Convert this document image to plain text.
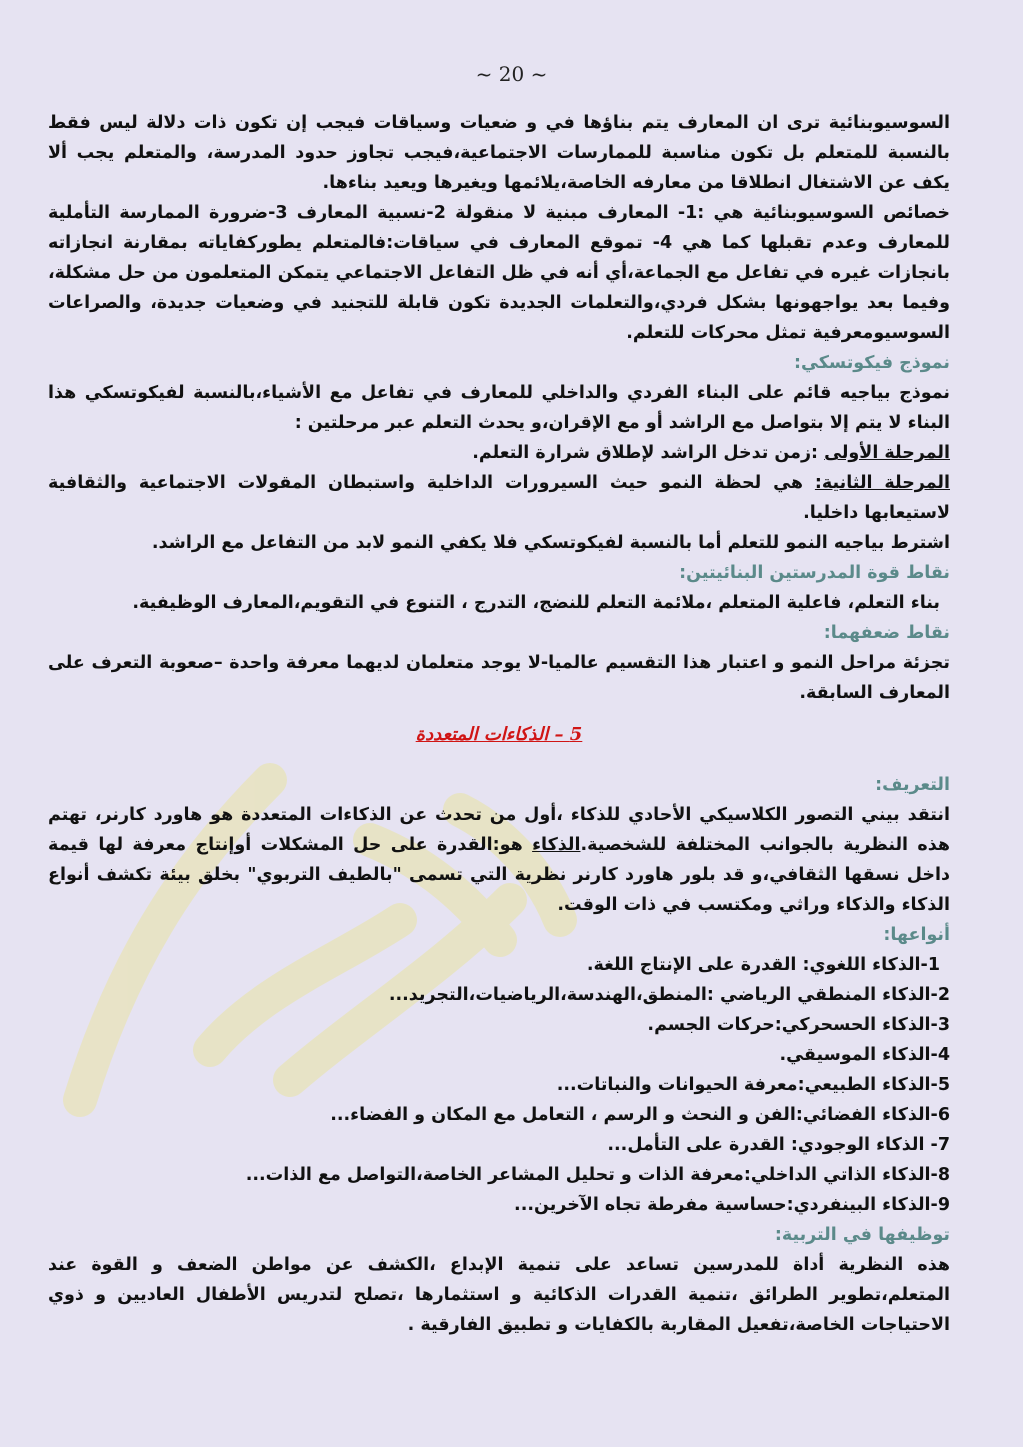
~ 20 ~

السوسيوبنائية ترى ان المعارف يتم بناؤها في و ضعيات وسياقات فيجب إن تكون ذات دلالة ليس فقط بالنسبة للمتعلم بل تكون مناسبة للممارسات الاجتماعية،فيجب تجاوز حدود المدرسة، والمتعلم يجب ألا يكف عن الاشتغال انطلاقا من معارفه الخاصة،يلائمها ويغيرها ويعيد بناءها.

خصائص السوسيوبنائية هي :1- المعارف مبنية لا منقولة 2-نسبية المعارف 3-ضرورة الممارسة التأملية للمعارف وعدم تقبلها كما هي 4- تموقع المعارف في سياقات:فالمتعلم يطوركفاياته بمقارنة انجازاته بانجازات غيره في تفاعل مع الجماعة،أي أنه في ظل التفاعل الاجتماعي يتمكن المتعلمون من حل مشكلة، وفيما بعد يواجهونها بشكل فردي،والتعلمات الجديدة تكون قابلة للتجنيد في وضعيات جديدة، والصراعات السوسيومعرفية تمثل محركات للتعلم.

نموذج فيكوتسكي:

نموذج بياجيه قائم على البناء الفردي والداخلي للمعارف في تفاعل مع الأشياء،بالنسبة لفيكوتسكي هذا البناء لا يتم إلا بتواصل مع الراشد أو مع الإقران،و يحدث التعلم عبر مرحلتين :

المرحلة الأولى :زمن تدخل الراشد لإطلاق شرارة التعلم.

المرحلة الثانية: هي لحظة النمو حيث السيرورات الداخلية واستبطان المقولات الاجتماعية والثقافية لاستيعابها داخليا.

اشترط بياجيه النمو للتعلم أما بالنسبة لفيكوتسكي فلا يكفي النمو لابد من التفاعل مع الراشد.

نقاط قوة المدرستين البنائيتين:

بناء التعلم، فاعلية المتعلم ،ملائمة التعلم للنضج، التدرج ، التنوع في التقويم،المعارف الوظيفية.

نقاط ضعفهما:

تجزئة مراحل النمو و اعتبار هذا التقسيم عالميا-لا يوجد متعلمان لديهما معرفة واحدة –صعوبة التعرف على المعارف السابقة.

5 – الذكاءات المتعددة

التعريف:

انتقد بيني التصور الكلاسيكي الأحادي للذكاء ،أول من تحدث عن الذكاءات المتعددة هو هاورد كارنر، تهتم هذه النظرية بالجوانب المختلفة للشخصية.الذكاء هو:القدرة على حل المشكلات أوإنتاج معرفة لها قيمة داخل نسقها الثقافي،و قد بلور هاورد كارنر نظرية التي تسمى "بالطيف التربوي" بخلق بيئة تكشف أنواع الذكاء والذكاء وراثي ومكتسب في ذات الوقت.

أنواعها:

1-الذكاء اللغوي: القدرة على الإنتاج اللغة.

2-الذكاء المنطقي الرياضي :المنطق،الهندسة،الرياضيات،التجريد...

3-الذكاء الحسحركي:حركات الجسم.

4-الذكاء الموسيقي.

5-الذكاء الطبيعي:معرفة الحيوانات والنباتات...

6-الذكاء الفضائي:الفن و النحث و الرسم ، التعامل مع المكان و الفضاء...

7- الذكاء الوجودي: القدرة على التأمل...

8-الذكاء الذاتي الداخلي:معرفة الذات و تحليل المشاعر الخاصة،التواصل مع الذات...

9-الذكاء البينفردي:حساسية مفرطة تجاه الآخرين...

توظيفها في التربية:

هذه النظرية أداة للمدرسين تساعد على تنمية الإبداع ،الكشف عن مواطن الضعف و القوة عند المتعلم،تطوير الطرائق ،تنمية القدرات الذكائية و استثمارها ،تصلح لتدريس الأطفال العاديين و ذوي الاحتياجات الخاصة،تفعيل المقاربة بالكفايات و تطبيق الفارقية .
